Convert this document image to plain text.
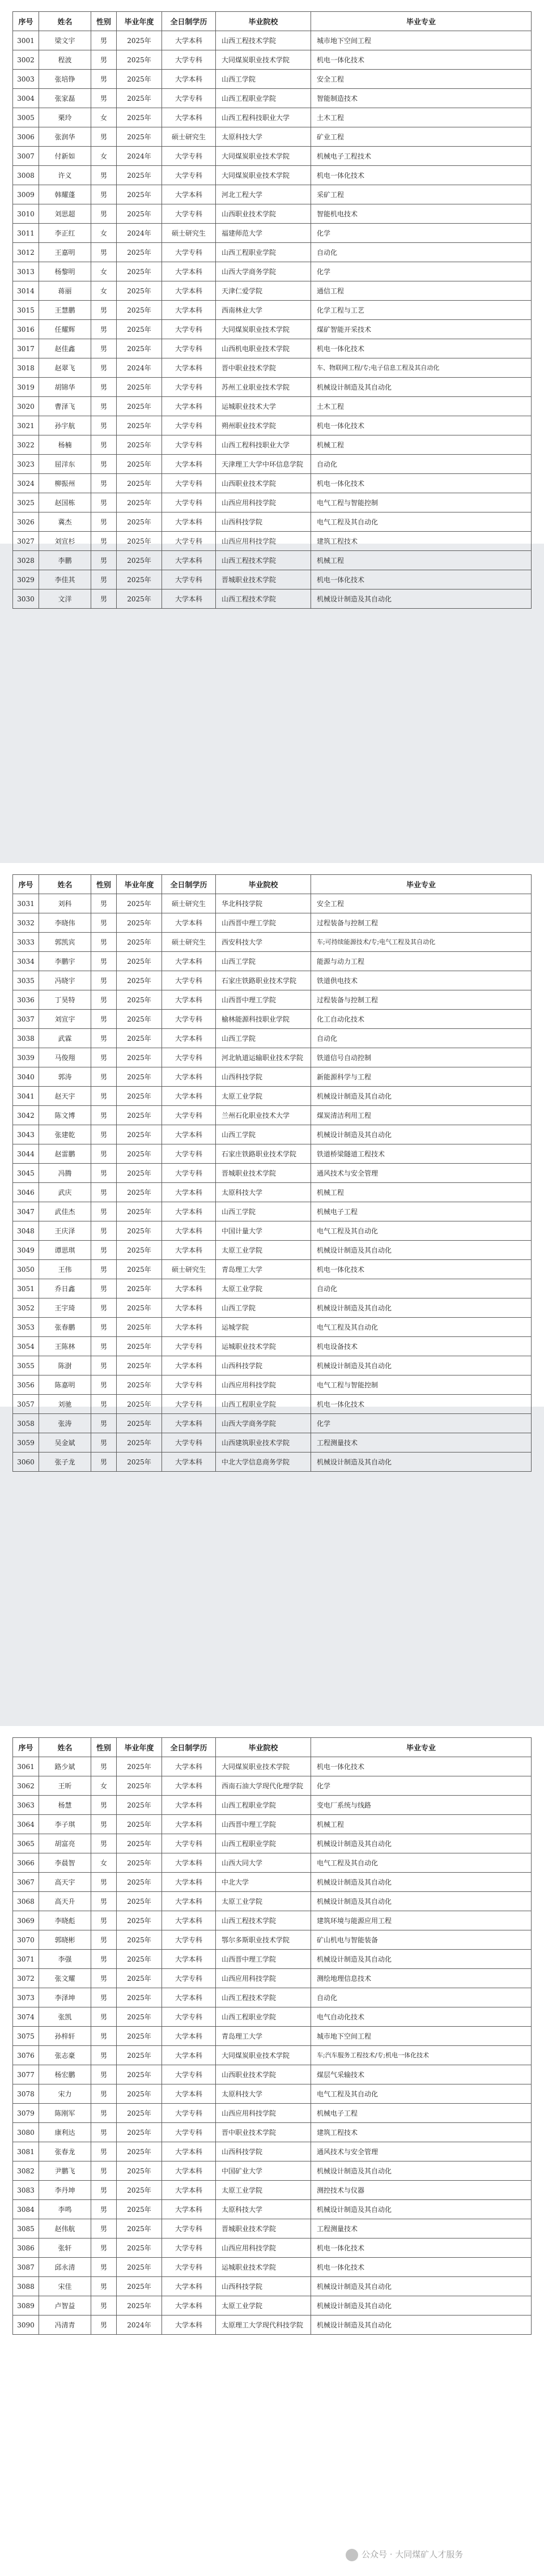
序号	姓名	性别	毕业年度	全日制学历	毕业院校	毕业专业
3001	梁文宇	男	2025年	大学本科	山西工程技术学院	城市地下空间工程
3002	程波	男	2025年	大学专科	大同煤炭职业技术学院	机电一体化技术
3003	张培铮	男	2025年	大学本科	山西工学院	安全工程
3004	张家磊	男	2025年	大学专科	山西工程职业学院	智能制造技术
3005	栗玲	女	2025年	大学本科	山西工程科技职业大学	土木工程
3006	张润华	男	2025年	硕士研究生	太原科技大学	矿业工程
3007	付新如	女	2024年	大学专科	大同煤炭职业技术学院	机械电子工程技术
3008	许义	男	2025年	大学专科	大同煤炭职业技术学院	机电一体化技术
3009	韩耀蓬	男	2025年	大学本科	河北工程大学	采矿工程
3010	刘思超	男	2025年	大学专科	山西职业技术学院	智能机电技术
3011	李正红	女	2024年	硕士研究生	福建师范大学	化学
3012	王嘉明	男	2025年	大学专科	山西工程职业学院	自动化
3013	杨黎明	女	2025年	大学本科	山西大学商务学院	化学
3014	蒋丽	女	2025年	大学本科	天津仁爱学院	通信工程
3015	王慧鹏	男	2025年	大学本科	西南林业大学	化学工程与工艺
3016	任耀辉	男	2025年	大学专科	大同煤炭职业技术学院	煤矿智能开采技术
3017	赵佳鑫	男	2025年	大学专科	山西机电职业技术学院	机电一体化技术
3018	赵翠飞	男	2024年	大学本科	晋中职业技术学院	车、物联网工程/专;电子信息工程及其自动化
3019	胡锦华	男	2025年	大学专科	苏州工业职业技术学院	机械设计制造及其自动化
3020	曹泽飞	男	2025年	大学本科	运城职业技术大学	土木工程
3021	孙宇航	男	2025年	大学专科	朔州职业技术学院	机电一体化技术
3022	杨楠	男	2025年	大学专科	山西工程科技职业大学	机械工程
3023	屈洋东	男	2025年	大学本科	天津理工大学中环信息学院	自动化
3024	柳振州	男	2025年	大学专科	山西职业技术学院	机电一体化技术
3025	赵国栋	男	2025年	大学专科	山西应用科技学院	电气工程与智能控制
3026	冀杰	男	2025年	大学本科	山西科技学院	电气工程及其自动化
3027	刘宣杉	男	2025年	大学专科	山西应用科技学院	建筑工程技术
3028	李鹏	男	2025年	大学本科	山西工程技术学院	机械工程
3029	李佳其	男	2025年	大学专科	晋城职业技术学院	机电一体化技术
3030	文洋	男	2025年	大学本科	山西工程技术学院	机械设计制造及其自动化
序号	姓名	性别	毕业年度	全日制学历	毕业院校	毕业专业
3031	刘科	男	2025年	硕士研究生	华北科技学院	安全工程
3032	李晓伟	男	2025年	大学本科	山西晋中理工学院	过程装备与控制工程
3033	郭凯宾	男	2025年	硕士研究生	西安科技大学	车;可持续能源技术/专;电气工程及其自动化
3034	李鹏宇	男	2025年	大学本科	山西工学院	能源与动力工程
3035	冯晓宇	男	2025年	大学专科	石家庄铁路职业技术学院	铁道供电技术
3036	丁昊特	男	2025年	大学本科	山西晋中理工学院	过程装备与控制工程
3037	刘宣宇	男	2025年	大学专科	榆林能源科技职业学院	化工自动化技术
3038	武霖	男	2025年	大学本科	山西工学院	自动化
3039	马俊翔	男	2025年	大学专科	河北轨道运输职业技术学院	铁道信号自动控制
3040	郭涛	男	2025年	大学本科	山西科技学院	新能源科学与工程
3041	赵天宇	男	2025年	大学本科	太原工业学院	机械设计制造及其自动化
3042	陈文博	男	2025年	大学专科	兰州石化职业技术大学	煤炭清洁利用工程
3043	张建乾	男	2025年	大学本科	山西工学院	机械设计制造及其自动化
3044	赵雷鹏	男	2025年	大学专科	石家庄铁路职业技术学院	铁道桥梁隧道工程技术
3045	冯腾	男	2025年	大学专科	晋城职业技术学院	通风技术与安全管理
3046	武庆	男	2025年	大学本科	太原科技大学	机械工程
3047	武佳杰	男	2025年	大学本科	山西工学院	机械电子工程
3048	王庆泽	男	2025年	大学本科	中国计量大学	电气工程及其自动化
3049	谭思琪	男	2025年	大学本科	太原工业学院	机械设计制造及其自动化
3050	王伟	男	2025年	硕士研究生	青岛理工大学	机电一体化技术
3051	乔日鑫	男	2025年	大学本科	太原工业学院	自动化
3052	王宇琦	男	2025年	大学本科	山西工学院	机械设计制造及其自动化
3053	张春鹏	男	2025年	大学本科	运城学院	电气工程及其自动化
3054	王陈林	男	2025年	大学专科	运城职业技术学院	机电设备技术
3055	陈澍	男	2025年	大学本科	山西科技学院	机械设计制造及其自动化
3056	陈嘉明	男	2025年	大学专科	山西应用科技学院	电气工程与智能控制
3057	刘驰	男	2025年	大学专科	山西工程职业学院	机电一体化技术
3058	张涛	男	2025年	大学本科	山西大学商务学院	化学
3059	吴金斌	男	2025年	大学专科	山西建筑职业技术学院	工程测量技术
3060	张子龙	男	2025年	大学本科	中北大学信息商务学院	机械设计制造及其自动化
序号	姓名	性别	毕业年度	全日制学历	毕业院校	毕业专业
3061	路少斌	男	2025年	大学本科	大同煤炭职业技术学院	机电一体化技术
3062	王昕	女	2025年	大学本科	西南石油大学现代化理学院	化学
3063	杨慧	男	2025年	大学本科	山西工程职业学院	变电厂系统与线路
3064	李子琪	男	2025年	大学本科	山西晋中理工学院	机械工程
3065	胡富亮	男	2025年	大学专科	山西工程职业学院	机械设计制造及其自动化
3066	李晨智	女	2025年	大学本科	山西大同大学	电气工程及其自动化
3067	高天宇	男	2025年	大学本科	中北大学	机械设计制造及其自动化
3068	高天升	男	2025年	大学本科	太原工业学院	机械设计制造及其自动化
3069	李晓彪	男	2025年	大学本科	山西工程技术学院	建筑环境与能源应用工程
3070	郭晓彬	男	2025年	大学专科	鄂尔多斯职业技术学院	矿山机电与智能装备
3071	李强	男	2025年	大学本科	山西晋中理工学院	机械设计制造及其自动化
3072	张文耀	男	2025年	大学专科	山西应用科技学院	测绘地理信息技术
3073	李泽坤	男	2025年	大学本科	山西工程技术学院	自动化
3074	张凯	男	2025年	大学专科	山西工程职业学院	电气自动化技术
3075	孙梓轩	男	2025年	大学本科	青岛理工大学	城市地下空间工程
3076	张志豪	男	2025年	大学本科	大同煤炭职业技术学院	车;汽车服务工程技术/专;机电一体化技术
3077	杨宏鹏	男	2025年	大学专科	山西职业技术学院	煤层气采输技术
3078	宋力	男	2025年	大学本科	太原科技大学	电气工程及其自动化
3079	陈刚军	男	2025年	大学专科	山西应用科技学院	机械电子工程
3080	康利达	男	2025年	大学专科	晋中职业技术学院	建筑工程技术
3081	张春龙	男	2025年	大学本科	山西科技学院	通风技术与安全管理
3082	尹鹏飞	男	2025年	大学本科	中国矿业大学	机械设计制造及其自动化
3083	李丹坤	男	2025年	大学本科	太原工业学院	测控技术与仪器
3084	李鸣	男	2025年	大学本科	太原科技大学	机械设计制造及其自动化
3085	赵伟航	男	2025年	大学专科	晋城职业技术学院	工程测量技术
3086	张轩	男	2025年	大学专科	山西应用科技学院	机电一体化技术
3087	邱永清	男	2025年	大学专科	运城职业技术学院	机电一体化技术
3088	宋佳	男	2025年	大学本科	山西科技学院	机械设计制造及其自动化
3089	卢智益	男	2025年	大学本科	太原工业学院	机械设计制造及其自动化
3090	冯清青	男	2024年	大学本科	太原理工大学现代科技学院	机械设计制造及其自动化
公众号 · 大同煤矿人才服务
